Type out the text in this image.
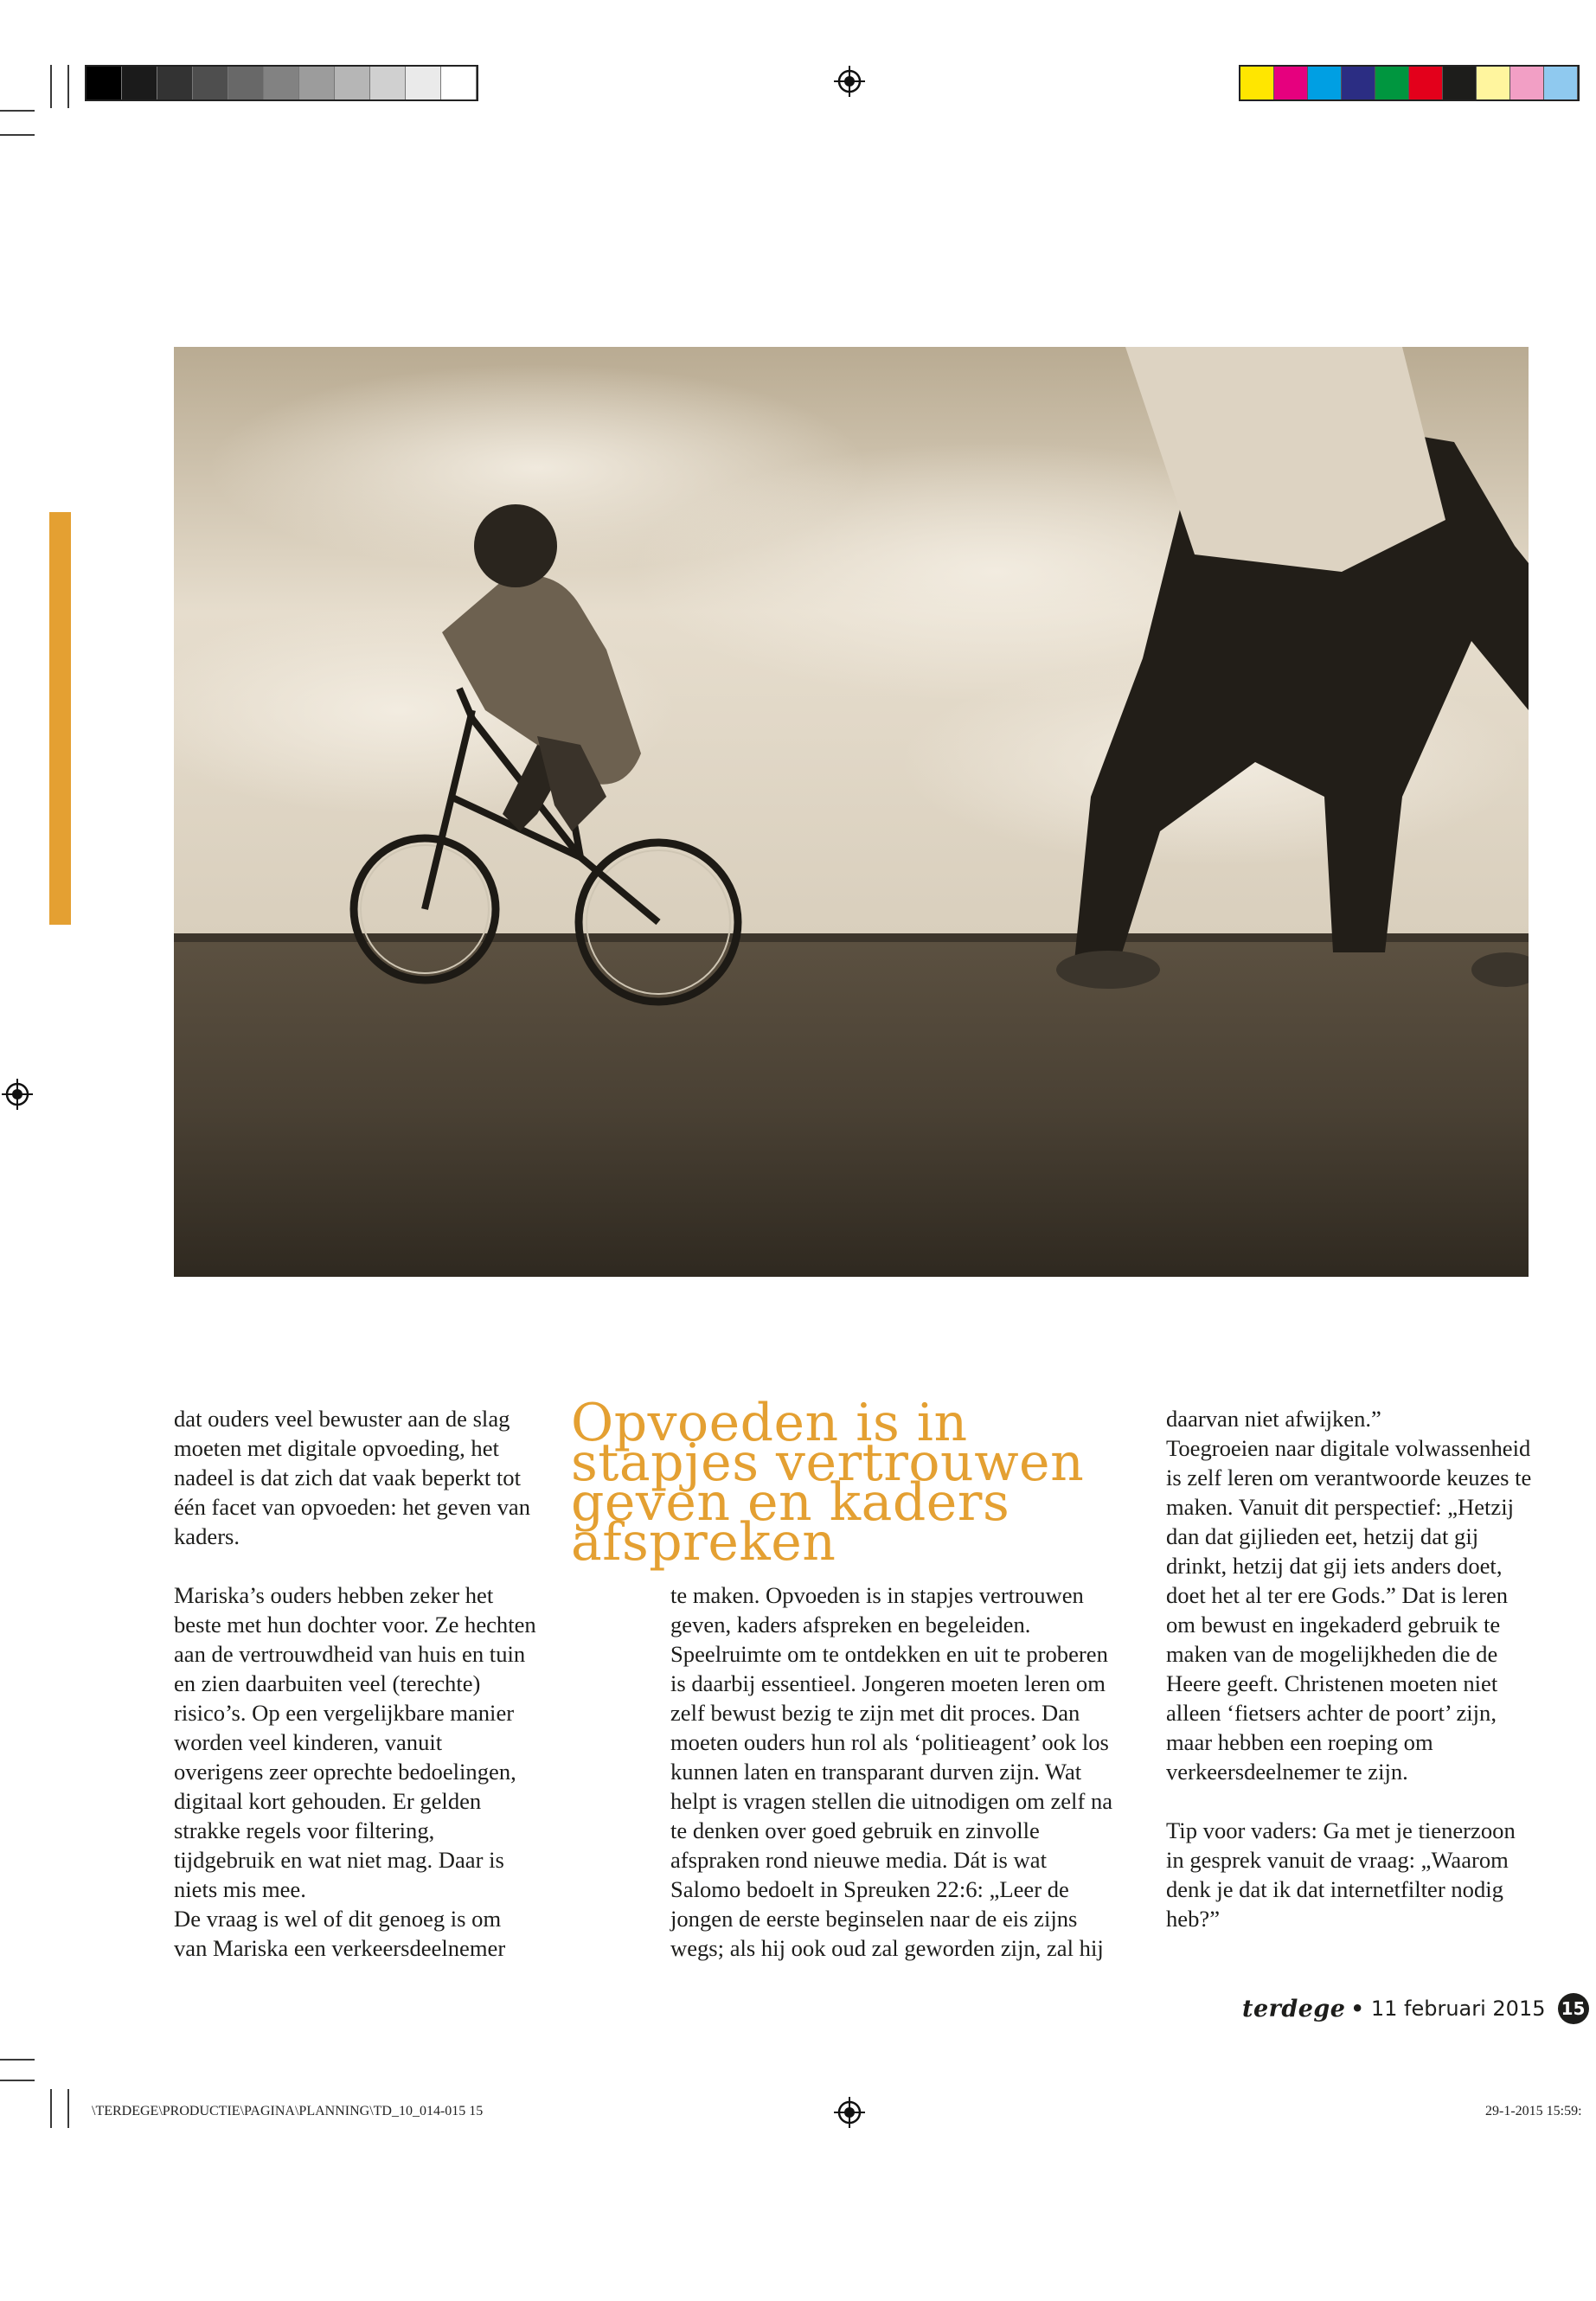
dat ouders veel bewuster aan de slag moeten met digitale opvoeding, het nadeel is dat zich dat vaak beperkt tot één facet van opvoeden: het geven van kaders.

Mariska’s ouders hebben zeker het beste met hun dochter voor. Ze hechten aan de vertrouwdheid van huis en tuin en zien daarbuiten veel (terechte) risico’s. Op een vergelijkbare manier worden veel kinderen, vanuit overigens zeer oprechte bedoelingen, digitaal kort gehouden. Er gelden strakke regels voor filtering, tijdgebruik en wat niet mag. Daar is niets mis mee.

De vraag is wel of dit genoeg is om van Mariska een verkeersdeelnemer

Opvoeden is in stapjes vertrouwen geven en kaders afspreken

te maken. Opvoeden is in stapjes vertrouwen geven, kaders afspreken en begeleiden. Speelruimte om te ontdekken en uit te proberen is daarbij essentieel. Jongeren moeten leren om zelf bewust bezig te zijn met dit proces. Dan moeten ouders hun rol als ‘politieagent’ ook los kunnen laten en transparant durven zijn. Wat helpt is vragen stellen die uitnodigen om zelf na te denken over goed gebruik en zinvolle afspraken rond nieuwe media. Dát is wat Salomo bedoelt in Spreuken 22:6: „Leer de jongen de eerste beginselen naar de eis zijns wegs; als hij ook oud zal geworden zijn, zal hij

daarvan niet afwijken.”

Toegroeien naar digitale volwassenheid is zelf leren om verantwoorde keuzes te maken. Vanuit dit perspectief: „Hetzij dan dat gijlieden eet, hetzij dat gij drinkt, hetzij dat gij iets anders doet, doet het al ter ere Gods.” Dat is leren om bewust en ingekaderd gebruik te maken van de mogelijkheden die de Heere geeft. Christenen moeten niet alleen ‘fietsers achter de poort’ zijn, maar hebben een roeping om verkeersdeelnemer te zijn.

Tip voor vaders: Ga met je tienerzoon in gesprek vanuit de vraag: „Waarom denk je dat ik dat internetfilter nodig heb?”

terdege • 11 februari 2015 15
\TERDEGE\PRODUCTIE\PAGINA\PLANNING\TD_10_014-015 15	29-1-2015 15:59:
